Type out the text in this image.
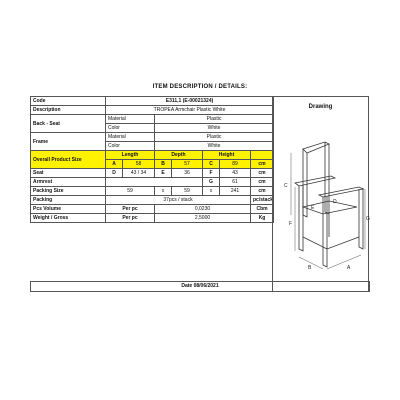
ITEM DESCRIPTION / DETAILS:
Code	E311,1 (E-00021324)						
Description	TROPEA Armchair Plastic White						
Back - Seat	Material		Plastic				
	Color		White				
Frame	Material		Plastic				
	Color		White				
Overall Product Size	Length		Depth		Height		
	A	58	B	57	C	89	cm
Seat	D	43 / 34	E	36	F	43	cm
Armrest					G	61	cm
Packing Size	59		x	59	x	241	cm
Packing	37pcs / stack						pc/stack
Pcs Volume	Per pc		0,0230				Cbm
Weight / Gross	Per pc		2,5000				Kg
Date 08/06/2021
Drawing
C
F
G
B	A
D
E
